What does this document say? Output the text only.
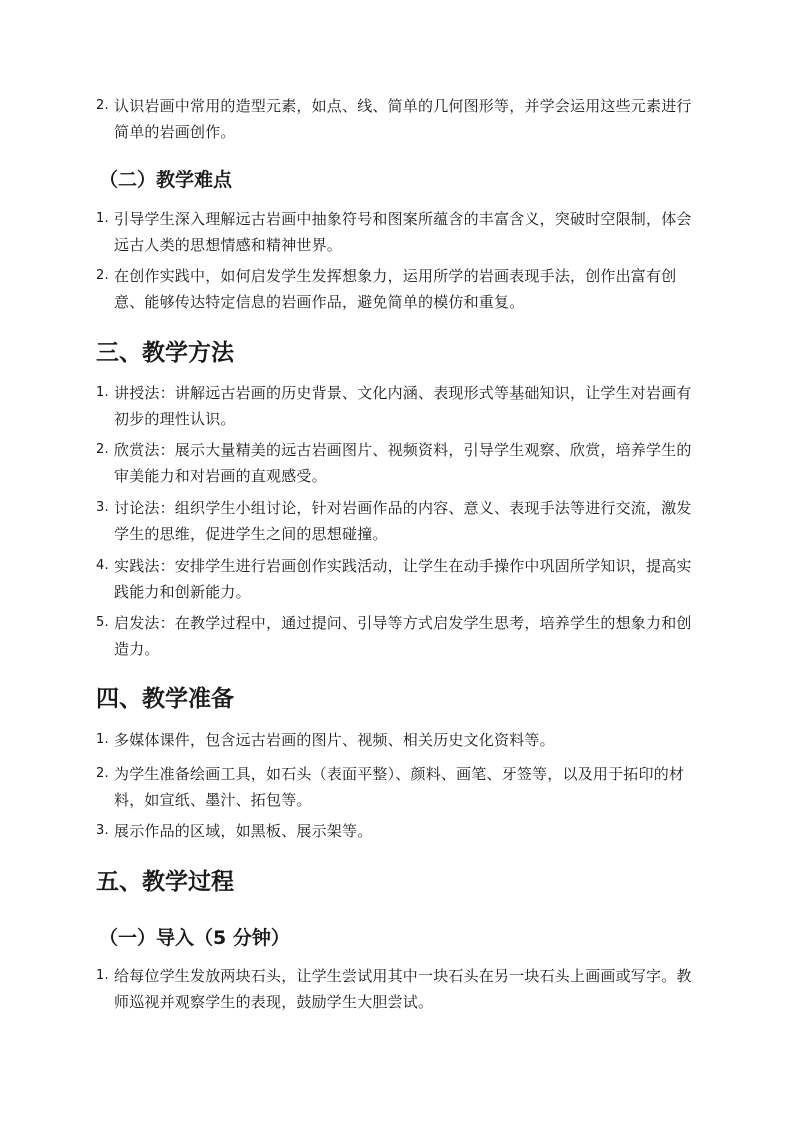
2. 认识岩画中常用的造型元素，如点、线、简单的几何图形等，并学会运用这些元素进行简单的岩画创作。
（二）教学难点
1. 引导学生深入理解远古岩画中抽象符号和图案所蕴含的丰富含义，突破时空限制，体会远古人类的思想情感和精神世界。
2. 在创作实践中，如何启发学生发挥想象力，运用所学的岩画表现手法，创作出富有创意、能够传达特定信息的岩画作品，避免简单的模仿和重复。
三、教学方法
1. 讲授法：讲解远古岩画的历史背景、文化内涵、表现形式等基础知识，让学生对岩画有初步的理性认识。
2. 欣赏法：展示大量精美的远古岩画图片、视频资料，引导学生观察、欣赏，培养学生的审美能力和对岩画的直观感受。
3. 讨论法：组织学生小组讨论，针对岩画作品的内容、意义、表现手法等进行交流，激发学生的思维，促进学生之间的思想碰撞。
4. 实践法：安排学生进行岩画创作实践活动，让学生在动手操作中巩固所学知识，提高实践能力和创新能力。
5. 启发法：在教学过程中，通过提问、引导等方式启发学生思考，培养学生的想象力和创造力。
四、教学准备
1. 多媒体课件，包含远古岩画的图片、视频、相关历史文化资料等。
2. 为学生准备绘画工具，如石头（表面平整）、颜料、画笔、牙签等，以及用于拓印的材料，如宣纸、墨汁、拓包等。
3. 展示作品的区域，如黑板、展示架等。
五、教学过程
（一）导入（5 分钟）
1. 给每位学生发放两块石头，让学生尝试用其中一块石头在另一块石头上画画或写字。教师巡视并观察学生的表现，鼓励学生大胆尝试。
